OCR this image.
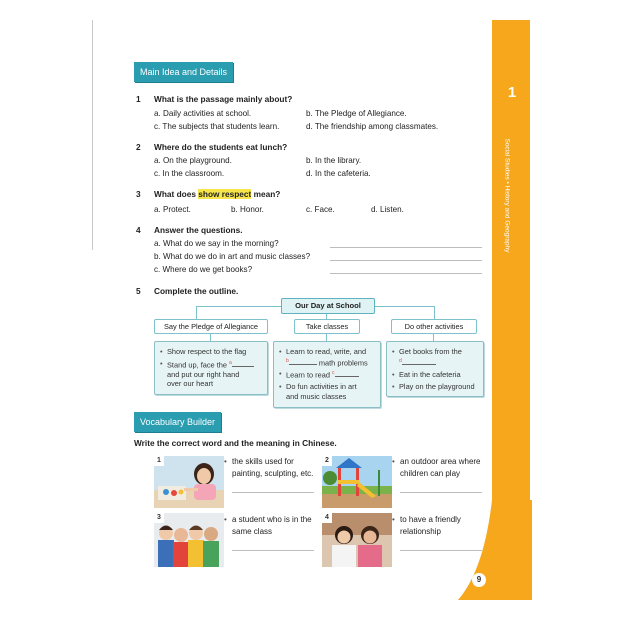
1
Social Studies • History and Geography
9
Main Idea and Details
1 What is the passage mainly about?
a. Daily activities at school.	b. The Pledge of Allegiance.
c. The subjects that students learn.	d. The friendship among classmates.
2 Where do the students eat lunch?
a. On the playground.	b. In the library.
c. In the classroom.	d. In the cafeteria.
3 What does show respect mean?
a. Protect.	b. Honor.	c. Face.	d. Listen.
4 Answer the questions.
a. What do we say in the morning?
b. What do we do in art and music classes?
c. Where do we get books?
5 Complete the outline.
Our Day at School
Say the Pledge of Allegiance	Take classes	Do other activities
• Show respect to the flag
• Stand up, face the $^a$
and put our right hand
over our heart
• Learn to read, write, and
$^b$	math problems
• Learn to read $^c$
• Do fun activities in art
and music classes
• Get books from the
$^d$
• Eat in the cafeteria
• Play on the playground
Vocabulary Builder
Write the correct word and the meaning in Chinese.
1	• the skills used for
painting, sculpting, etc.
2	• an outdoor area where
children can play
3	• a student who is in the
same class
4	• to have a friendly
relationship
